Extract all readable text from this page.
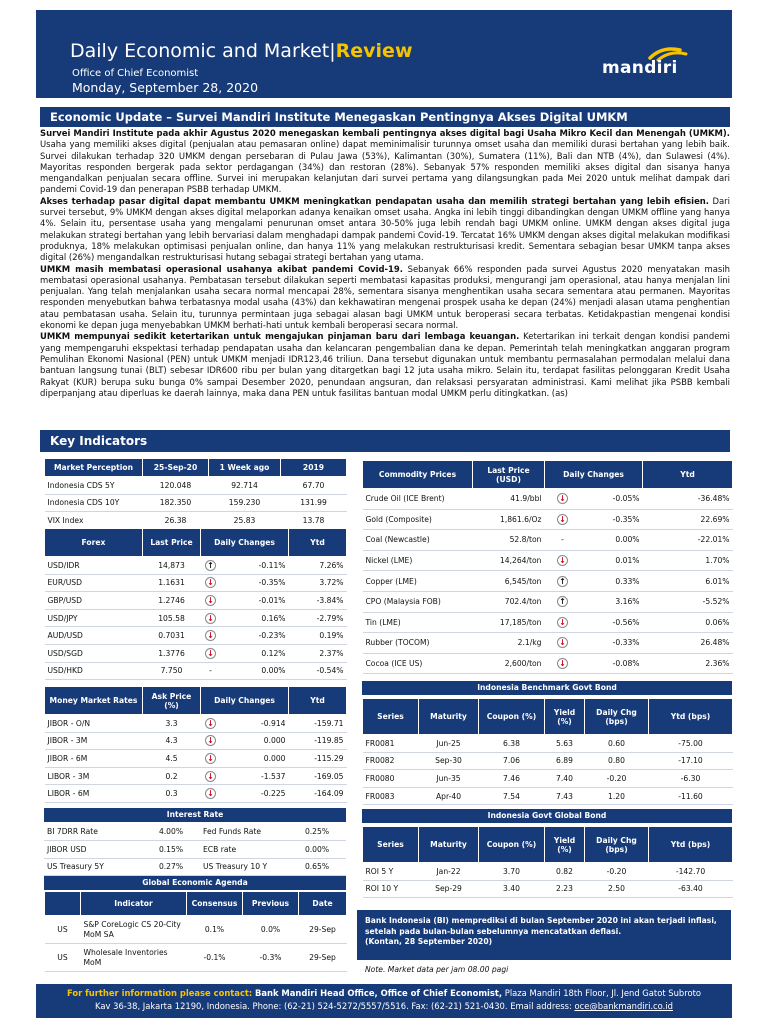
Daily Economic and Market|Review
Office of Chief Economist
Monday, September 28, 2020
mandiri
Economic Update – Survei Mandiri Institute Menegaskan Pentingnya Akses Digital UMKM

Survei Mandiri Institute pada akhir Agustus 2020 menegaskan kembali pentingnya akses digital bagi Usaha Mikro Kecil dan Menengah (UMKM). Usaha yang memiliki akses digital (penjualan atau pemasaran online) dapat meminimalisir turunnya omset usaha dan memiliki durasi bertahan yang lebih baik. Survei dilakukan terhadap 320 UMKM dengan persebaran di Pulau Jawa (53%), Kalimantan (30%), Sumatera (11%), Bali dan NTB (4%), dan Sulawesi (4%). Mayoritas responden bergerak pada sektor perdagangan (34%) dan restoran (28%). Sebanyak 57% responden memiliki akses digital dan sisanya hanya mengandalkan penjualan secara offline. Survei ini merupakan kelanjutan dari survei pertama yang dilangsungkan pada Mei 2020 untuk melihat dampak dari pandemi Covid-19 dan penerapan PSBB terhadap UMKM.

Akses terhadap pasar digital dapat membantu UMKM meningkatkan pendapatan usaha dan memilih strategi bertahan yang lebih efisien. Dari survei tersebut, 9% UMKM dengan akses digital melaporkan adanya kenaikan omset usaha. Angka ini lebih tinggi dibandingkan dengan UMKM offline yang hanya 4%. Selain itu, persentase usaha yang mengalami penurunan omset antara 30-50% juga lebih rendah bagi UMKM online. UMKM dengan akses digital juga melakukan strategi bertahan yang lebih bervariasi dalam menghadapi dampak pandemi Covid-19. Tercatat 16% UMKM dengan akses digital melakukan modifikasi produknya, 18% melakukan optimisasi penjualan online, dan hanya 11% yang melakukan restrukturisasi kredit. Sementara sebagian besar UMKM tanpa akses digital (26%) mengandalkan restrukturisasi hutang sebagai strategi bertahan yang utama.

UMKM masih membatasi operasional usahanya akibat pandemi Covid-19. Sebanyak 66% responden pada survei Agustus 2020 menyatakan masih membatasi operasional usahanya. Pembatasan tersebut dilakukan seperti membatasi kapasitas produksi, mengurangi jam operasional, atau hanya menjalan lini penjualan. Yang telah menjalankan usaha secara normal mencapai 28%, sementara sisanya menghentikan usaha secara sementara atau permanen. Mayoritas responden menyebutkan bahwa terbatasnya modal usaha (43%) dan kekhawatiran mengenai prospek usaha ke depan (24%) menjadi alasan utama penghentian atau pembatasan usaha. Selain itu, turunnya permintaan juga sebagai alasan bagi UMKM untuk beroperasi secara terbatas. Ketidakpastian mengenai kondisi ekonomi ke depan juga menyebabkan UMKM berhati-hati untuk kembali beroperasi secara normal.

UMKM mempunyai sedikit ketertarikan untuk mengajukan pinjaman baru dari lembaga keuangan. Ketertarikan ini terkait dengan kondisi pandemi yang mempengaruhi ekspektasi terhadap pendapatan usaha dan kelancaran pengembalian dana ke depan. Pemerintah telah meningkatkan anggaran program Pemulihan Ekonomi Nasional (PEN) untuk UMKM menjadi IDR123,46 triliun. Dana tersebut digunakan untuk membantu permasalahan permodalan melalui dana bantuan langsung tunai (BLT) sebesar IDR600 ribu per bulan yang ditargetkan bagi 12 juta usaha mikro. Selain itu, terdapat fasilitas pelonggaran Kredit Usaha Rakyat (KUR) berupa suku bunga 0% sampai Desember 2020, penundaan angsuran, dan relaksasi persyaratan administrasi. Kami melihat jika PSBB kembali diperpanjang atau diperluas ke daerah lainnya, maka dana PEN untuk fasilitas bantuan modal UMKM perlu ditingkatkan. (as)

Key Indicators
Market Perception	25-Sep-20	1 Week ago	2019
Indonesia CDS 5Y	120.048	92.714	67.70
Indonesia CDS 10Y	182.350	159.230	131.99
VIX Index	26.38	25.83	13.78
Forex	Last Price	Daily Changes		Ytd
USD/IDR	14,873	↑	-0.11%	7.26%
EUR/USD	1.1631	↓	-0.35%	3.72%
GBP/USD	1.2746	↓	-0.01%	-3.84%
USD/JPY	105.58	↓	0.16%	-2.79%
AUD/USD	0.7031	↓	-0.23%	0.19%
USD/SGD	1.3776	↓	0.12%	2.37%
USD/HKD	7.750	-	0.00%	-0.54%
Money Market Rates	Ask Price (%)	Daily Changes		Ytd
JIBOR - O/N	3.3	↓	-0.914	-159.71
JIBOR - 3M	4.3	↓	0.000	-119.85
JIBOR - 6M	4.5	↓	0.000	-115.29
LIBOR - 3M	0.2	↓	-1.537	-169.05
LIBOR - 6M	0.3	↓	-0.225	-164.09
Interest Rate
BI 7DRR Rate	4.00%	Fed Funds Rate	0.25%
JIBOR USD	0.15%	ECB rate	0.00%
US Treasury 5Y	0.27%	US Treasury 10 Y	0.65%
Global Economic Agenda
	Indicator	Consensus	Previous	Date
US	S&P CoreLogic CS 20-City MoM SA	0.1%	0.0%	29-Sep
US	Wholesale Inventories MoM	-0.1%	-0.3%	29-Sep
Commodity Prices	Last Price (USD)	Daily Changes		Ytd
Crude Oil (ICE Brent)	41.9/bbl	↓	-0.05%	-36.48%
Gold (Composite)	1,861.6/Oz	↓	-0.35%	22.69%
Coal (Newcastle)	52.8/ton	-	0.00%	-22.01%
Nickel (LME)	14,264/ton	↓	0.01%	1.70%
Copper (LME)	6,545/ton	↑	0.33%	6.01%
CPO (Malaysia FOB)	702.4/ton	↑	3.16%	-5.52%
Tin (LME)	17,185/ton	↓	-0.56%	0.06%
Rubber (TOCOM)	2.1/kg	↓	-0.33%	26.48%
Cocoa (ICE US)	2,600/ton	↓	-0.08%	2.36%
Indonesia Benchmark Govt Bond
Series	Maturity	Coupon (%)	Yield (%)	Daily Chg (bps)	Ytd (bps)
FR0081	Jun-25	6.38	5.63	0.60	-75.00
FR0082	Sep-30	7.06	6.89	0.80	-17.10
FR0080	Jun-35	7.46	7.40	-0.20	-6.30
FR0083	Apr-40	7.54	7.43	1.20	-11.60
Indonesia Govt Global Bond
Series	Maturity	Coupon (%)	Yield (%)	Daily Chg (bps)	Ytd (bps)
ROI 5 Y	Jan-22	3.70	0.82	-0.20	-142.70
ROI 10 Y	Sep-29	3.40	2.23	2.50	-63.40
Bank Indonesia (BI) memprediksi di bulan September 2020 ini akan terjadi inflasi, setelah pada bulan-bulan sebelumnya mencatatkan deflasi.
(Kontan, 28 September 2020)
Note. Market data per jam 08.00 pagi
For further information please contact: Bank Mandiri Head Office, Office of Chief Economist, Plaza Mandiri 18th Floor, Jl. Jend Gatot Subroto
Kav 36-38, Jakarta 12190, Indonesia. Phone: (62-21) 524-5272/5557/5516. Fax: (62-21) 521-0430. Email address: oce@bankmandiri.co.id
